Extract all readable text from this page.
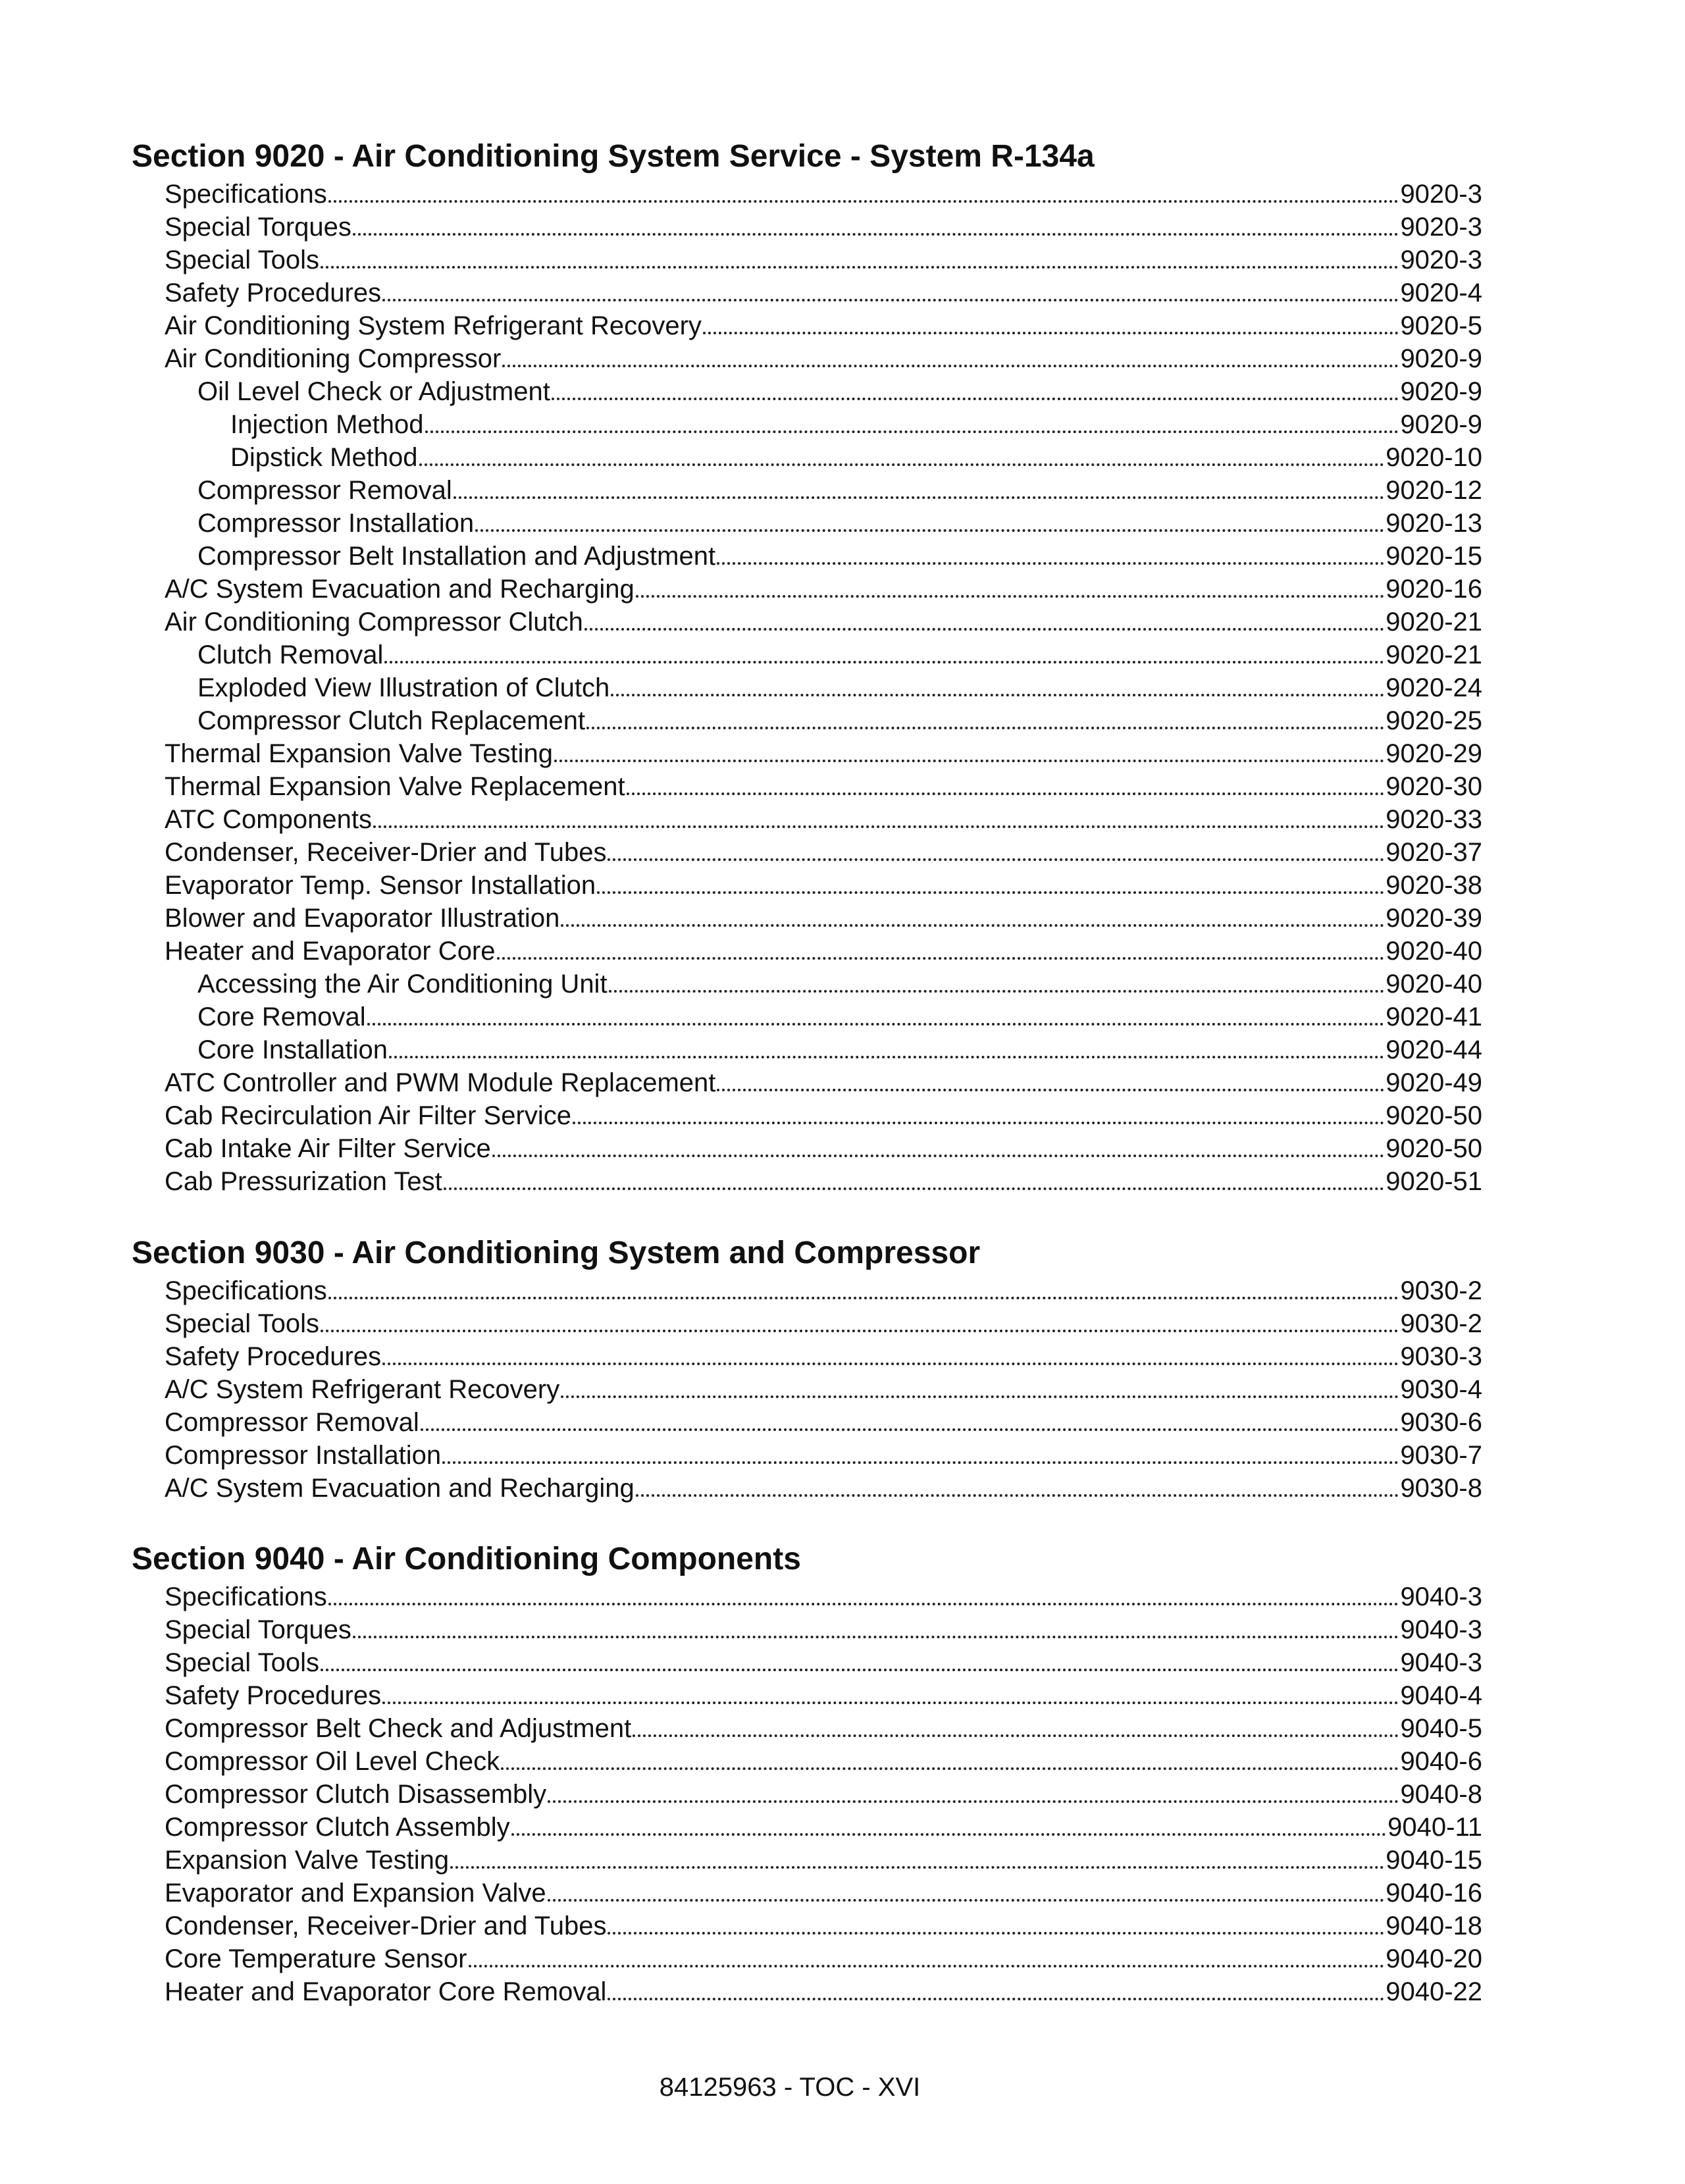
Section 9020 - Air Conditioning System Service - System R-134a
Specifications	9020-3
Special Torques	9020-3
Special Tools	9020-3
Safety Procedures	9020-4
Air Conditioning System Refrigerant Recovery	9020-5
Air Conditioning Compressor	9020-9
Oil Level Check or Adjustment	9020-9
Injection Method	9020-9
Dipstick Method	9020-10
Compressor Removal	9020-12
Compressor Installation	9020-13
Compressor Belt Installation and Adjustment	9020-15
A/C System Evacuation and Recharging	9020-16
Air Conditioning Compressor Clutch	9020-21
Clutch Removal	9020-21
Exploded View Illustration of Clutch	9020-24
Compressor Clutch Replacement	9020-25
Thermal Expansion Valve Testing	9020-29
Thermal Expansion Valve Replacement	9020-30
ATC Components	9020-33
Condenser, Receiver-Drier and Tubes	9020-37
Evaporator Temp. Sensor Installation	9020-38
Blower and Evaporator Illustration	9020-39
Heater and Evaporator Core	9020-40
Accessing the Air Conditioning Unit	9020-40
Core Removal	9020-41
Core Installation	9020-44
ATC Controller and PWM Module Replacement	9020-49
Cab Recirculation Air Filter Service	9020-50
Cab Intake Air Filter Service	9020-50
Cab Pressurization Test	9020-51
Section 9030 - Air Conditioning System and Compressor
Specifications	9030-2
Special Tools	9030-2
Safety Procedures	9030-3
A/C System Refrigerant Recovery	9030-4
Compressor Removal	9030-6
Compressor Installation	9030-7
A/C System Evacuation and Recharging	9030-8
Section 9040 - Air Conditioning Components
Specifications	9040-3
Special Torques	9040-3
Special Tools	9040-3
Safety Procedures	9040-4
Compressor Belt Check and Adjustment	9040-5
Compressor Oil Level Check	9040-6
Compressor Clutch Disassembly	9040-8
Compressor Clutch Assembly	9040-11
Expansion Valve Testing	9040-15
Evaporator and Expansion Valve	9040-16
Condenser, Receiver-Drier and Tubes	9040-18
Core Temperature Sensor	9040-20
Heater and Evaporator Core Removal	9040-22
84125963 - TOC - XVI
